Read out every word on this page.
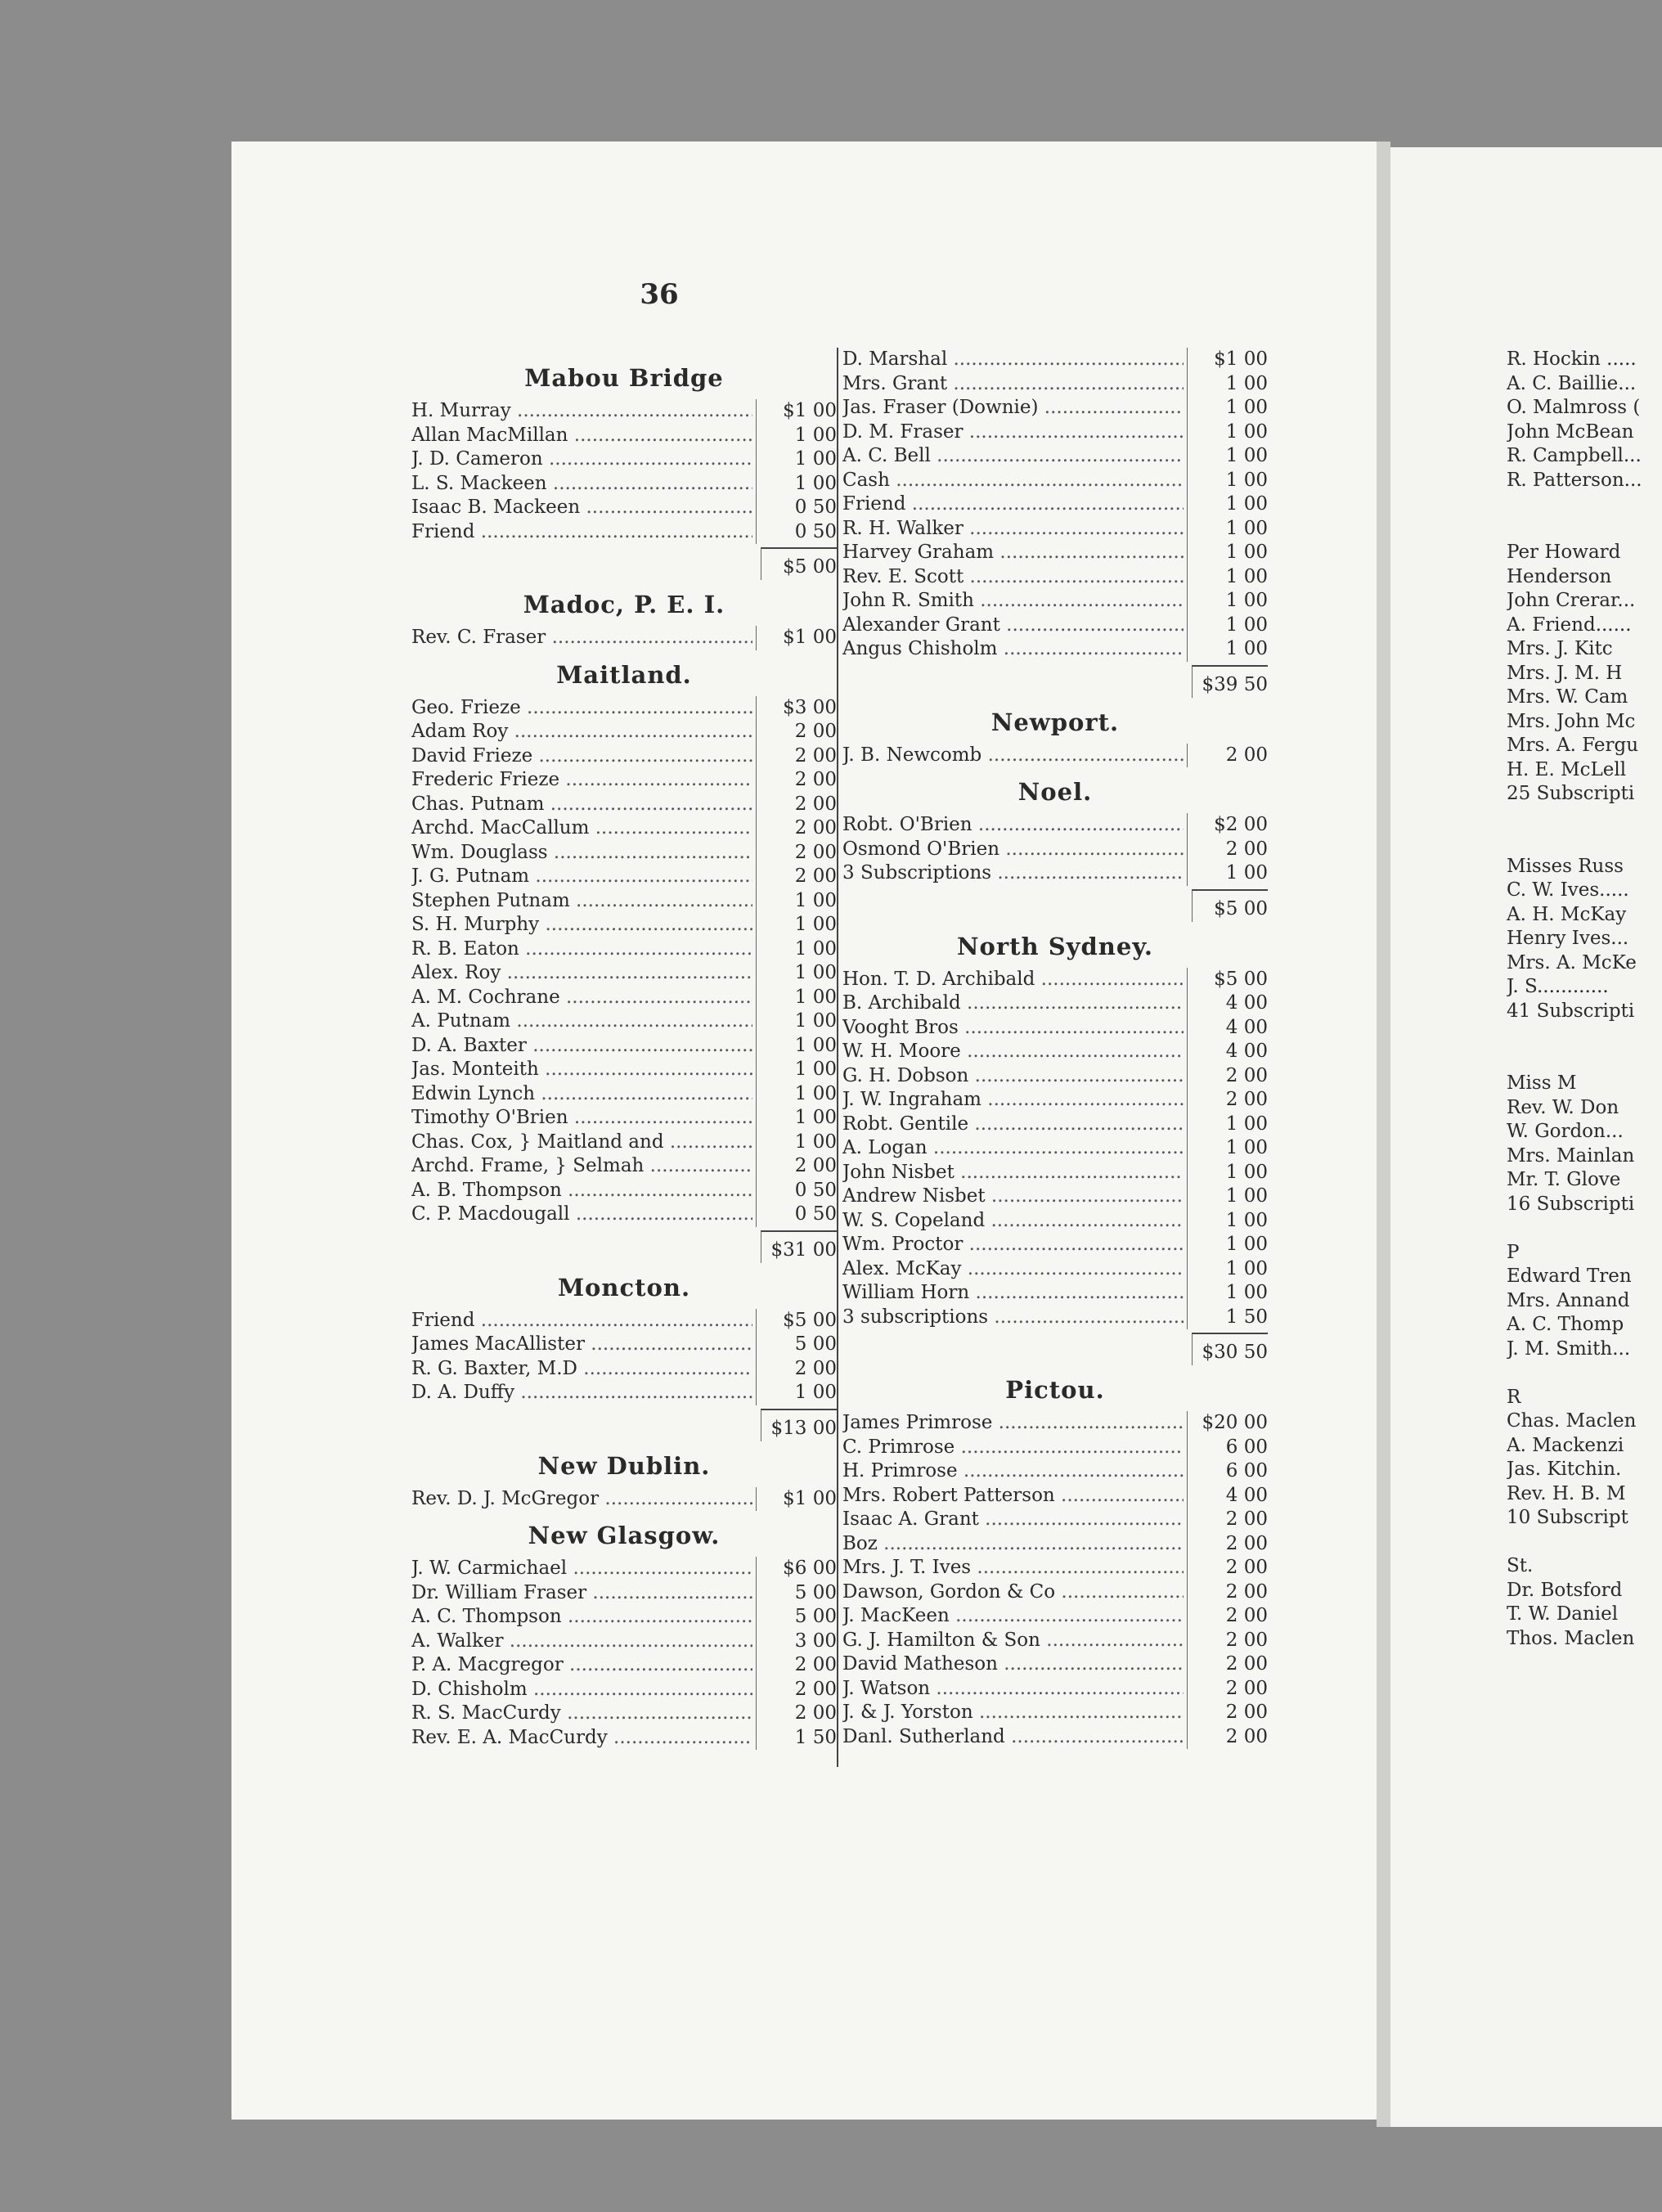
36
Mabou Bridge
H. Murray .....	$1 00
Allan MacMillan .....	1 00
J. D. Cameron .....	1 00
L. S. Mackeen .....	1 00
Isaac B. Mackeen .....	0 50
Friend .....	0 50
$5 00
Madoc, P. E. I.
Rev. C. Fraser .....	$1 00
Maitland.
Geo. Frieze .....	$3 00
Adam Roy .....	2 00
David Frieze .....	2 00
Frederic Frieze .....	2 00
Chas. Putnam .....	2 00
Archd. MacCallum .....	2 00
Wm. Douglass .....	2 00
J. G. Putnam .....	2 00
Stephen Putnam .....	1 00
S. H. Murphy .....	1 00
R. B. Eaton .....	1 00
Alex. Roy .....	1 00
A. M. Cochrane .....	1 00
A. Putnam .....	1 00
D. A. Baxter .....	1 00
Jas. Monteith .....	1 00
Edwin Lynch .....	1 00
Timothy O'Brien .....	1 00
Chas. Cox, } Maitland and .....	1 00
Archd. Frame, } Selmah .....	2 00
A. B. Thompson .....	0 50
C. P. Macdougall .....	0 50
$31 00
Moncton.
Friend .....	$5 00
James MacAllister .....	5 00
R. G. Baxter, M.D .....	2 00
D. A. Duffy .....	1 00
$13 00
New Dublin.
Rev. D. J. McGregor .....	$1 00
New Glasgow.
J. W. Carmichael .....	$6 00
Dr. William Fraser .....	5 00
A. C. Thompson .....	5 00
A. Walker .....	3 00
P. A. Macgregor .....	2 00
D. Chisholm .....	2 00
R. S. MacCurdy .....	2 00
Rev. E. A. MacCurdy .....	1 50
D. Marshal .....	$1 00
Mrs. Grant .....	1 00
Jas. Fraser (Downie) .....	1 00
D. M. Fraser .....	1 00
A. C. Bell .....	1 00
Cash .....	1 00
Friend .....	1 00
R. H. Walker .....	1 00
Harvey Graham .....	1 00
Rev. E. Scott .....	1 00
John R. Smith .....	1 00
Alexander Grant .....	1 00
Angus Chisholm .....	1 00
$39 50
Newport.
J. B. Newcomb .....	2 00
Noel.
Robt. O'Brien .....	$2 00
Osmond O'Brien .....	2 00
3 Subscriptions .....	1 00
$5 00
North Sydney.
Hon. T. D. Archibald .....	$5 00
B. Archibald .....	4 00
Vooght Bros .....	4 00
W. H. Moore .....	4 00
G. H. Dobson .....	2 00
J. W. Ingraham .....	2 00
Robt. Gentile .....	1 00
A. Logan .....	1 00
John Nisbet .....	1 00
Andrew Nisbet .....	1 00
W. S. Copeland .....	1 00
Wm. Proctor .....	1 00
Alex. McKay .....	1 00
William Horn .....	1 00
3 subscriptions .....	1 50
$30 50
Pictou.
James Primrose .....	$20 00
C. Primrose .....	6 00
H. Primrose .....	6 00
Mrs. Robert Patterson .....	4 00
Isaac A. Grant .....	2 00
Boz .....	2 00
Mrs. J. T. Ives .....	2 00
Dawson, Gordon & Co .....	2 00
J. MacKeen .....	2 00
G. J. Hamilton & Son .....	2 00
David Matheson .....	2 00
J. Watson .....	2 00
J. & J. Yorston .....	2 00
Danl. Sutherland .....	2 00
R. Hockin .....
A. C. Baillie...
O. Malmross (
John McBean
R. Campbell...
R. Patterson...
Per Howard
Henderson
John Crerar...
A. Friend......
Mrs. J. Kitc
Mrs. J. M. H
Mrs. W. Cam
Mrs. John Mc
Mrs. A. Fergu
H. E. McLell
25 Subscripti
Misses Russ
C. W. Ives.....
A. H. McKay
Henry Ives...
Mrs. A. McKe
J. S............
41 Subscripti
Miss M
Rev. W. Don
W. Gordon...
Mrs. Mainlan
Mr. T. Glove
16 Subscripti
P
Edward Tren
Mrs. Annand
A. C. Thomp
J. M. Smith...
R
Chas. Maclen
A. Mackenzi
Jas. Kitchin.
Rev. H. B. M
10 Subscript
St.
Dr. Botsford
T. W. Daniel
Thos. Maclen
